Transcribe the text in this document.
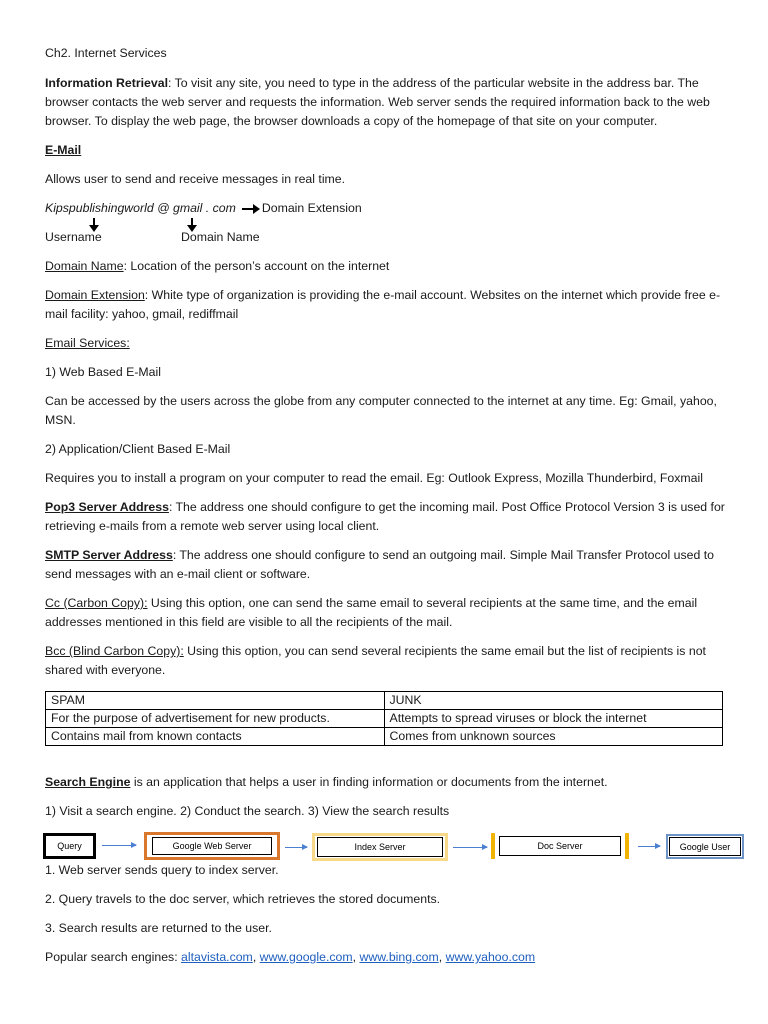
Ch2. Internet Services

Information Retrieval: To visit any site, you need to type in the address of the particular website in the address bar. The browser contacts the web server and requests the information. Web server sends the required information back to the web browser. To display the web page, the browser downloads a copy of the homepage of that site on your computer.

E-Mail

Allows user to send and receive messages in real time.

Kipspublishingworld @ gmail . com Domain Extension

Username	Domain Name

Domain Name: Location of the person’s account on the internet

Domain Extension: White type of organization is providing the e-mail account. Websites on the internet which provide free e-mail facility: yahoo, gmail, rediffmail

Email Services:

1) Web Based E-Mail

Can be accessed by the users across the globe from any computer connected to the internet at any time. Eg: Gmail, yahoo, MSN.

2) Application/Client Based E-Mail

Requires you to install a program on your computer to read the email. Eg: Outlook Express, Mozilla Thunderbird, Foxmail

Pop3 Server Address: The address one should configure to get the incoming mail. Post Office Protocol Version 3 is used for retrieving e-mails from a remote web server using local client.

SMTP Server Address: The address one should configure to send an outgoing mail. Simple Mail Transfer Protocol used to send messages with an e-mail client or software.

Cc (Carbon Copy): Using this option, one can send the same email to several recipients at the same time, and the email addresses mentioned in this field are visible to all the recipients of the mail.

Bcc (Blind Carbon Copy): Using this option, you can send several recipients the same email but the list of recipients is not shared with everyone.

SPAM	JUNK
For the purpose of advertisement for new products.	Attempts to spread viruses or block the internet
Contains mail from known contacts	Comes from unknown sources

Search Engine is an application that helps a user in finding information or documents from the internet.

1) Visit a search engine. 2) Conduct the search. 3) View the search results

Query	Google Web Server	Index Server	Doc Server	Google User

1. Web server sends query to index server.

2. Query travels to the doc server, which retrieves the stored documents.

3. Search results are returned to the user.

Popular search engines: altavista.com, www.google.com, www.bing.com, www.yahoo.com
